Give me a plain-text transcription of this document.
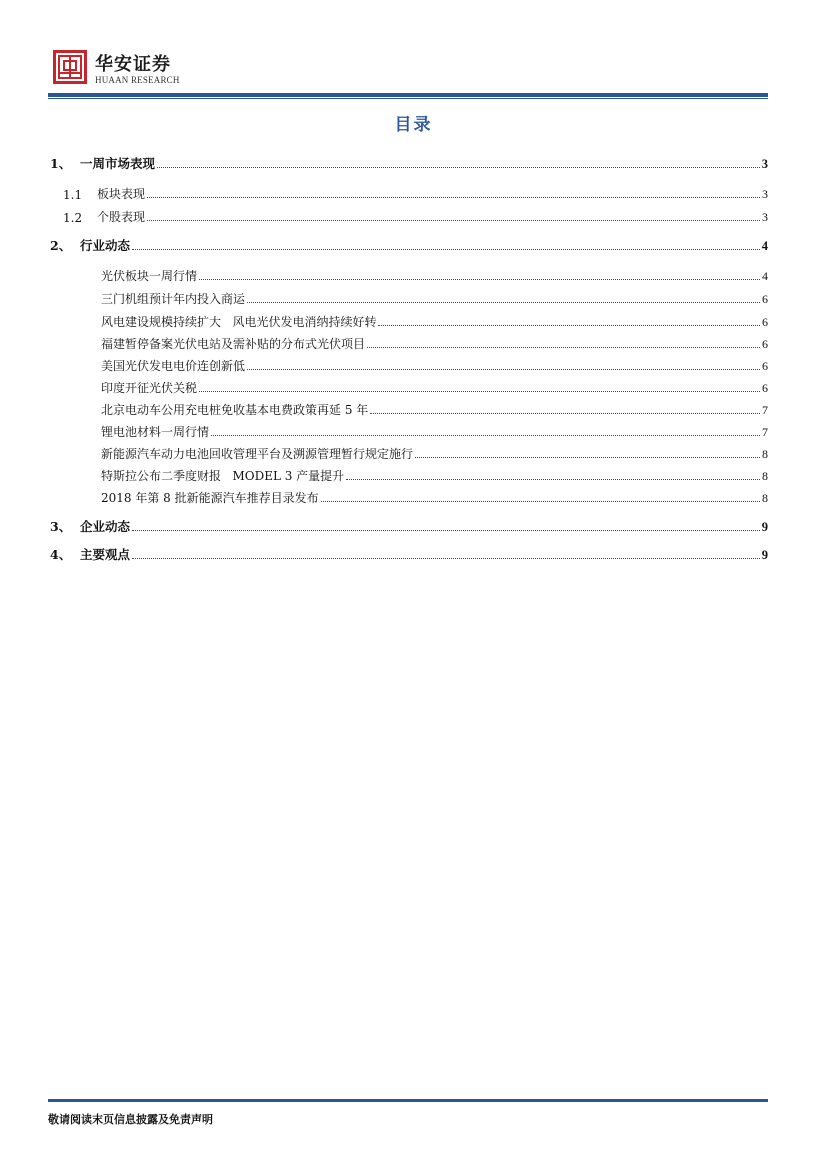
华安证券
HUAAN RESEARCH
目录
1、 一周市场表现	3
1.1	板块表现	3
1.2	个股表现	3
2、 行业动态	4
光伏板块一周行情	4
三门机组预计年内投入商运	6
风电建设规模持续扩大   风电光伏发电消纳持续好转	6
福建暂停备案光伏电站及需补贴的分布式光伏项目	6
美国光伏发电电价连创新低	6
印度开征光伏关税	6
北京电动车公用充电桩免收基本电费政策再延 5 年	7
锂电池材料一周行情	7
新能源汽车动力电池回收管理平台及溯源管理暂行规定施行	8
特斯拉公布二季度财报   MODEL 3 产量提升	8
2018 年第 8 批新能源汽车推荐目录发布	8
3、 企业动态	9
4、 主要观点	9
敬请阅读末页信息披露及免责声明
